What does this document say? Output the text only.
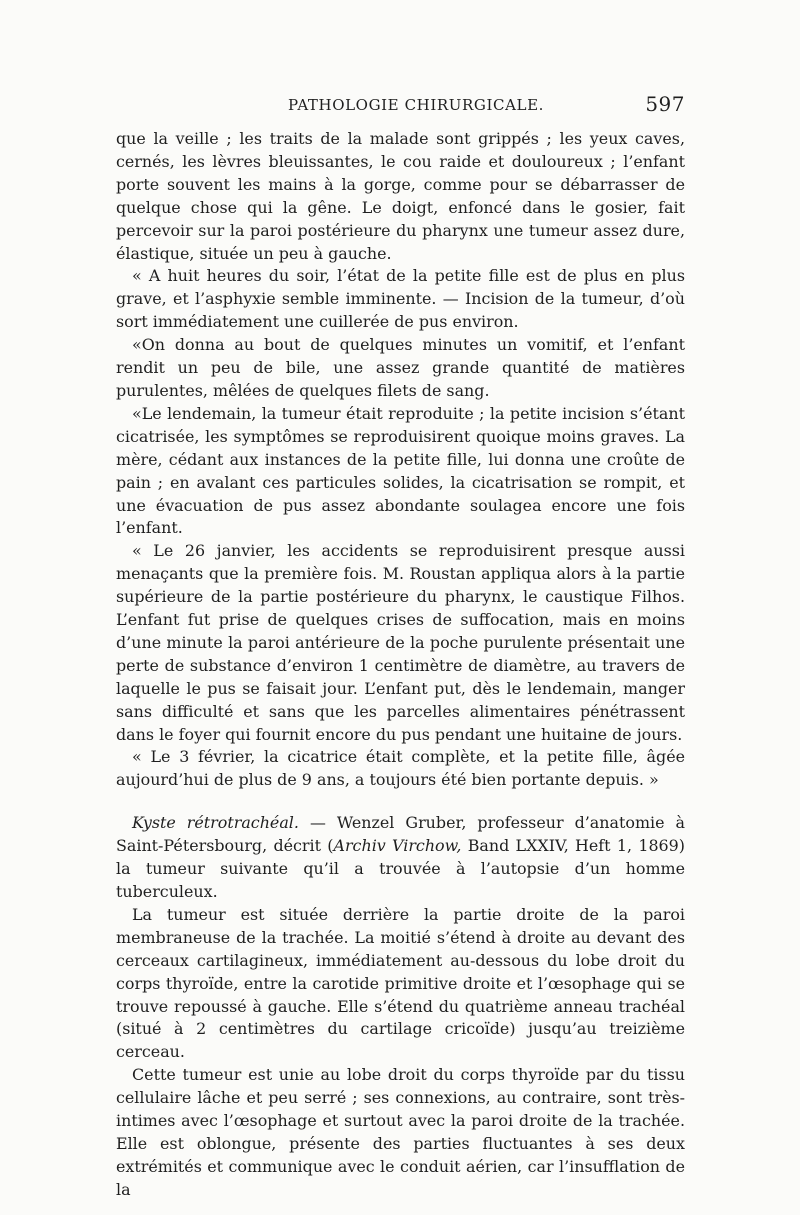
PATHOLOGIE CHIRURGICALE.	597

que la veille ; les traits de la malade sont grippés ; les yeux caves, cernés, les lèvres bleuissantes, le cou raide et douloureux ; l’enfant porte souvent les mains à la gorge, comme pour se débarrasser de quelque chose qui la gêne. Le doigt, enfoncé dans le gosier, fait percevoir sur la paroi postérieure du pharynx une tumeur assez dure, élastique, située un peu à gauche.

« A huit heures du soir, l’état de la petite fille est de plus en plus grave, et l’asphyxie semble imminente. — Incision de la tumeur, d’où sort immédiatement une cuillerée de pus environ.

«On donna au bout de quelques minutes un vomitif, et l’enfant rendit un peu de bile, une assez grande quantité de matières purulentes, mêlées de quelques filets de sang.

«Le lendemain, la tumeur était reproduite ; la petite incision s’étant cicatrisée, les symptômes se reproduisirent quoique moins graves. La mère, cédant aux instances de la petite fille, lui donna une croûte de pain ; en avalant ces particules solides, la cicatrisation se rompit, et une évacuation de pus assez abondante soulagea encore une fois l’enfant.

« Le 26 janvier, les accidents se reproduisirent presque aussi menaçants que la première fois. M. Roustan appliqua alors à la partie supérieure de la partie postérieure du pharynx, le caustique Filhos. L’enfant fut prise de quelques crises de suffocation, mais en moins d’une minute la paroi antérieure de la poche purulente présentait une perte de substance d’environ 1 centimètre de diamètre, au travers de laquelle le pus se faisait jour. L’enfant put, dès le lendemain, manger sans difficulté et sans que les parcelles alimentaires pénétrassent dans le foyer qui fournit encore du pus pendant une huitaine de jours.

« Le 3 février, la cicatrice était complète, et la petite fille, âgée aujourd’hui de plus de 9 ans, a toujours été bien portante depuis. »

Kyste rétrotrachéal. — Wenzel Gruber, professeur d’anatomie à Saint-Pétersbourg, décrit (Archiv Virchow, Band LXXIV, Heft 1, 1869) la tumeur suivante qu’il a trouvée à l’autopsie d’un homme tuberculeux.

La tumeur est située derrière la partie droite de la paroi membraneuse de la trachée. La moitié s’étend à droite au devant des cerceaux cartilagineux, immédiatement au-dessous du lobe droit du corps thyroïde, entre la carotide primitive droite et l’œsophage qui se trouve repoussé à gauche. Elle s’étend du quatrième anneau trachéal (situé à 2 centimètres du cartilage cricoïde) jusqu’au treizième cerceau.

Cette tumeur est unie au lobe droit du corps thyroïde par du tissu cellulaire lâche et peu serré ; ses connexions, au contraire, sont très-intimes avec l’œsophage et surtout avec la paroi droite de la trachée. Elle est oblongue, présente des parties fluctuantes à ses deux extrémités et communique avec le conduit aérien, car l’insufflation de la
